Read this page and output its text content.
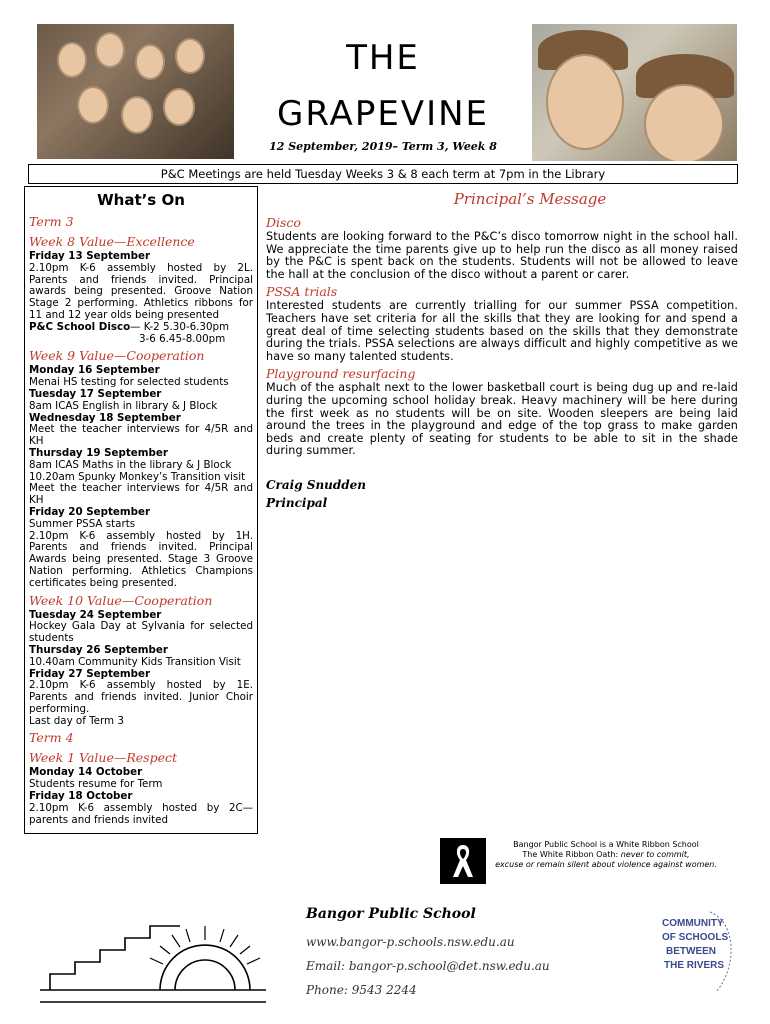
THE
GRAPEVINE
12 September, 2019– Term 3, Week 8
P&C Meetings are held Tuesday Weeks 3 & 8 each term at 7pm in the Library
What’s On
Term 3
Week 8 Value—Excellence
Friday 13 September
2.10pm K-6 assembly hosted by 2L. Parents and friends invited. Principal awards being presented. Groove Nation Stage 2 performing. Athletics ribbons for 11 and 12 year olds being presented
P&C School Disco— K-2 5.30-6.30pm
3-6 6.45-8.00pm
Week 9 Value—Cooperation
Monday 16 September
Menai HS testing for selected students
Tuesday 17 September
8am ICAS English in library & J Block
Wednesday 18 September
Meet the teacher interviews for 4/5R and KH
Thursday 19 September
8am ICAS Maths in the library & J Block
10.20am Spunky Monkey’s Transition visit
Meet the teacher interviews for 4/5R and KH
Friday 20 September
Summer PSSA starts
2.10pm K-6 assembly hosted by 1H. Parents and friends invited. Principal Awards being presented. Stage 3 Groove Nation performing. Athletics Champions certificates being presented.
Week 10 Value—Cooperation
Tuesday 24 September
Hockey Gala Day at Sylvania for selected students
Thursday 26 September
10.40am Community Kids Transition Visit
Friday 27 September
2.10pm K-6 assembly hosted by 1E. Parents and friends invited. Junior Choir performing.
Last day of Term 3
Term 4
Week 1 Value—Respect
Monday 14 October
Students resume for Term
Friday 18 October
2.10pm K-6 assembly hosted by 2C—parents and friends invited
Principal’s Message
Disco
Students are looking forward to the P&C’s disco tomorrow night in the school hall. We appreciate the time parents give up to help run the disco as all money raised by the P&C is spent back on the students. Students will not be allowed to leave the hall at the conclusion of the disco without a parent or carer.
PSSA trials
Interested students are currently trialling for our summer PSSA competition. Teachers have set criteria for all the skills that they are looking for and spend a great deal of time selecting students based on the skills that they demonstrate during the trials. PSSA selections are always difficult and highly competitive as we have so many talented students.
Playground resurfacing
Much of the asphalt next to the lower basketball court is being dug up and re-laid during the upcoming school holiday break. Heavy machinery will be here during the first week as no students will be on site. Wooden sleepers are being laid around the trees in the playground and edge of the top grass to make garden beds and create plenty of seating for students to be able to sit in the shade during summer.
Craig Snudden
Principal
Bangor Public School is a White Ribbon School
The White Ribbon Oath: never to commit,
excuse or remain silent about violence against women.
Bangor Public School
www.bangor-p.schools.nsw.edu.au
Email: bangor-p.school@det.nsw.edu.au
Phone: 9543 2244
COMMUNITY
OF SCHOOLS
BETWEEN
THE RIVERS
